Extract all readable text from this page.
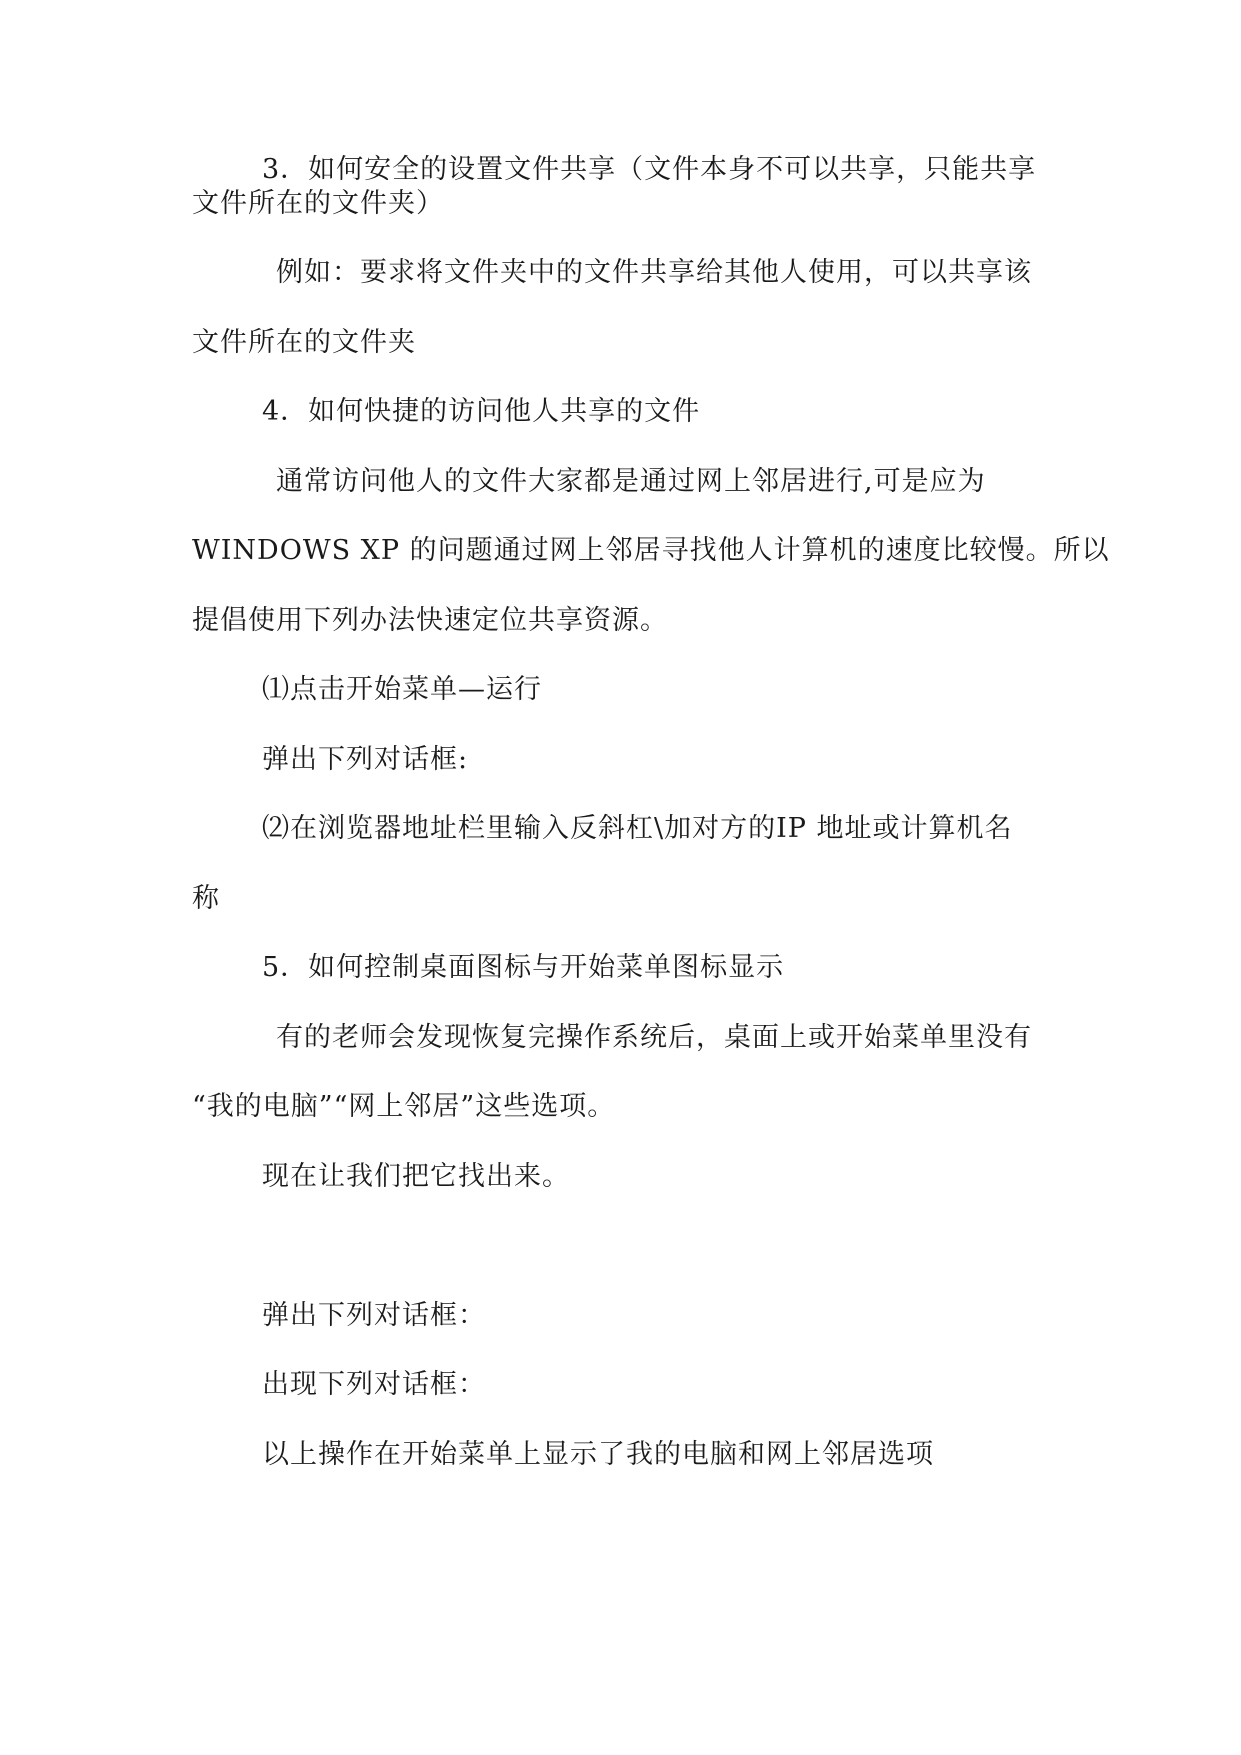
3．如何安全的设置文件共享（文件本身不可以共享，只能共享
文件所在的文件夹）
例如：要求将文件夹中的文件共享给其他人使用，可以共享该
文件所在的文件夹
4．如何快捷的访问他人共享的文件
通常访问他人的文件大家都是通过网上邻居进行,可是应为
WINDOWS XP 的问题通过网上邻居寻找他人计算机的速度比较慢。所以
提倡使用下列办法快速定位共享资源。
⑴点击开始菜单—运行
弹出下列对话框:
⑵在浏览器地址栏里输入反斜杠\加对方的IP 地址或计算机名
称
5．如何控制桌面图标与开始菜单图标显示
有的老师会发现恢复完操作系统后，桌面上或开始菜单里没有
“我的电脑”“网上邻居”这些选项。
现在让我们把它找出来。
弹出下列对话框：
出现下列对话框：
以上操作在开始菜单上显示了我的电脑和网上邻居选项
